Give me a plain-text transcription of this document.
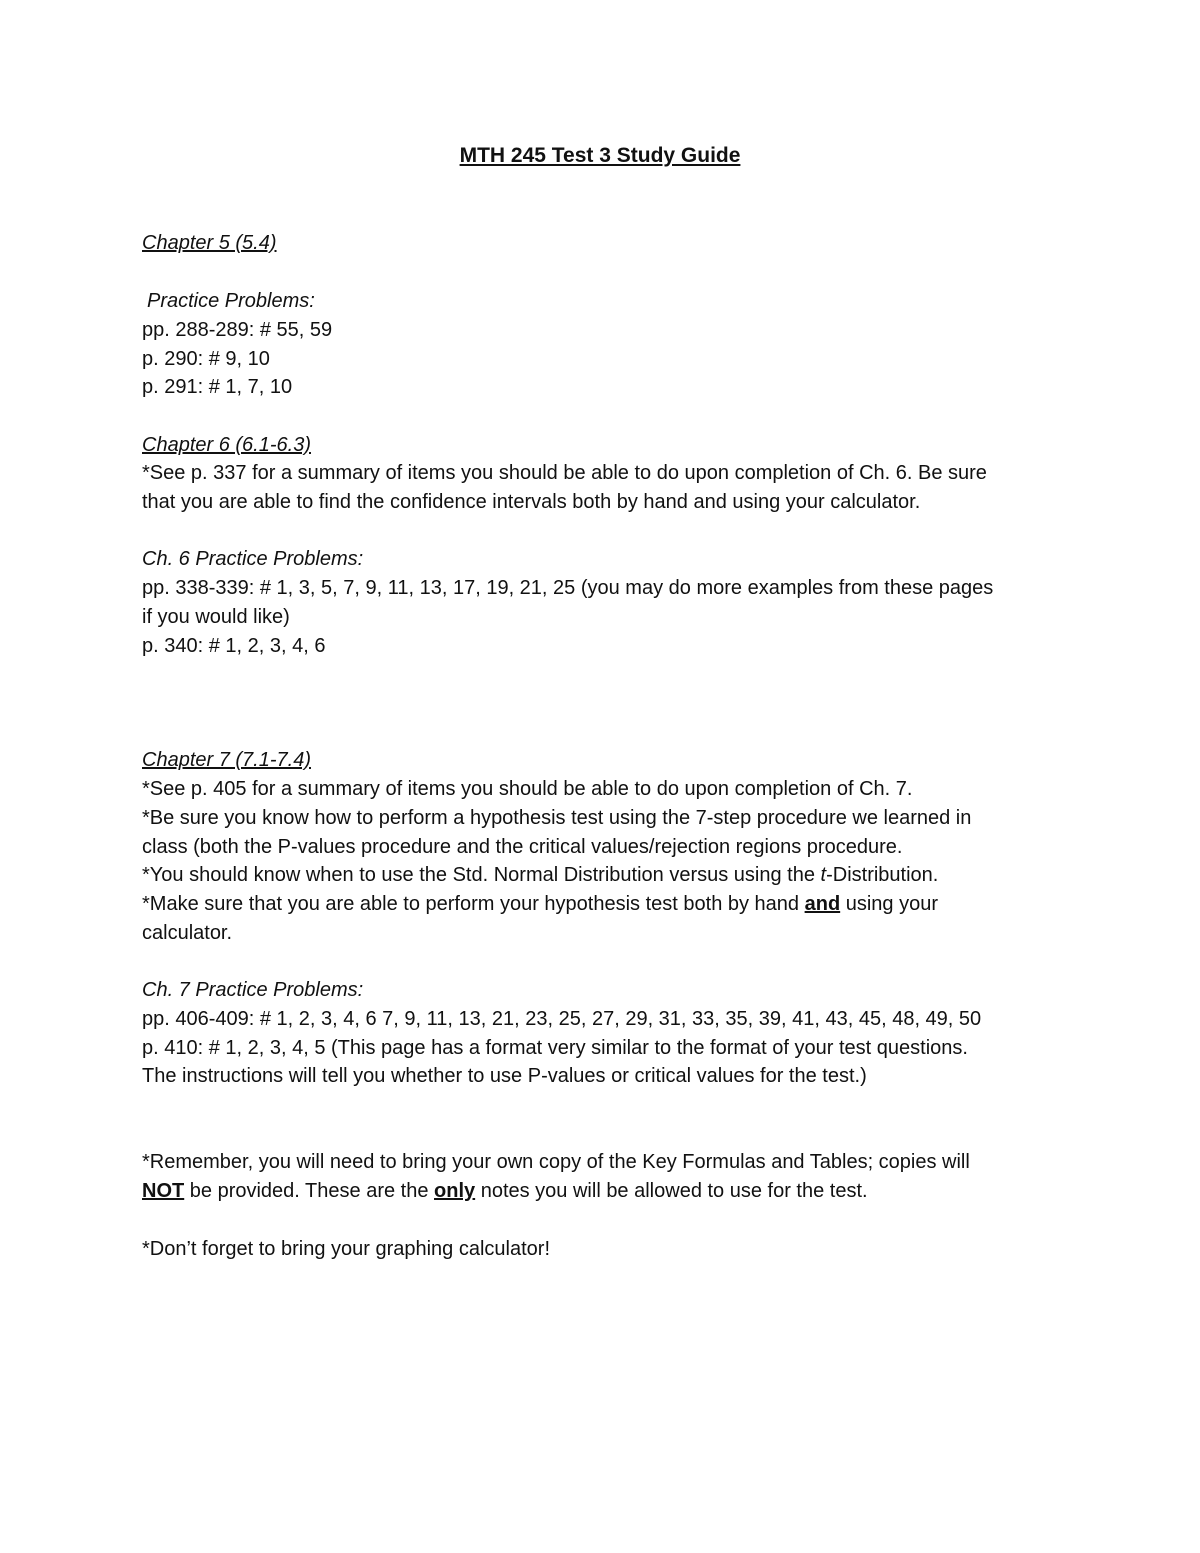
MTH 245 Test 3 Study Guide
Chapter 5 (5.4)
Practice Problems:
pp. 288-289: # 55, 59
p. 290: # 9, 10
p. 291: # 1, 7, 10
Chapter 6 (6.1-6.3)
*See p. 337 for a summary of items you should be able to do upon completion of Ch. 6. Be sure
that you are able to find the confidence intervals both by hand and using your calculator.
Ch. 6 Practice Problems:
pp. 338-339: # 1, 3, 5, 7, 9, 11, 13, 17, 19, 21, 25 (you may do more examples from these pages
if you would like)
p. 340: # 1, 2, 3, 4, 6
Chapter 7 (7.1-7.4)
*See p. 405 for a summary of items you should be able to do upon completion of Ch. 7.
*Be sure you know how to perform a hypothesis test using the 7-step procedure we learned in
class (both the P-values procedure and the critical values/rejection regions procedure.
*You should know when to use the Std. Normal Distribution versus using the t-Distribution.
*Make sure that you are able to perform your hypothesis test both by hand and using your
calculator.
Ch. 7 Practice Problems:
pp. 406-409: # 1, 2, 3, 4, 6 7, 9, 11, 13, 21, 23, 25, 27, 29, 31, 33, 35, 39, 41, 43, 45, 48, 49, 50
p. 410: # 1, 2, 3, 4, 5 (This page has a format very similar to the format of your test questions.
The instructions will tell you whether to use P-values or critical values for the test.)
*Remember, you will need to bring your own copy of the Key Formulas and Tables; copies will
NOT be provided. These are the only notes you will be allowed to use for the test.
*Don’t forget to bring your graphing calculator!
